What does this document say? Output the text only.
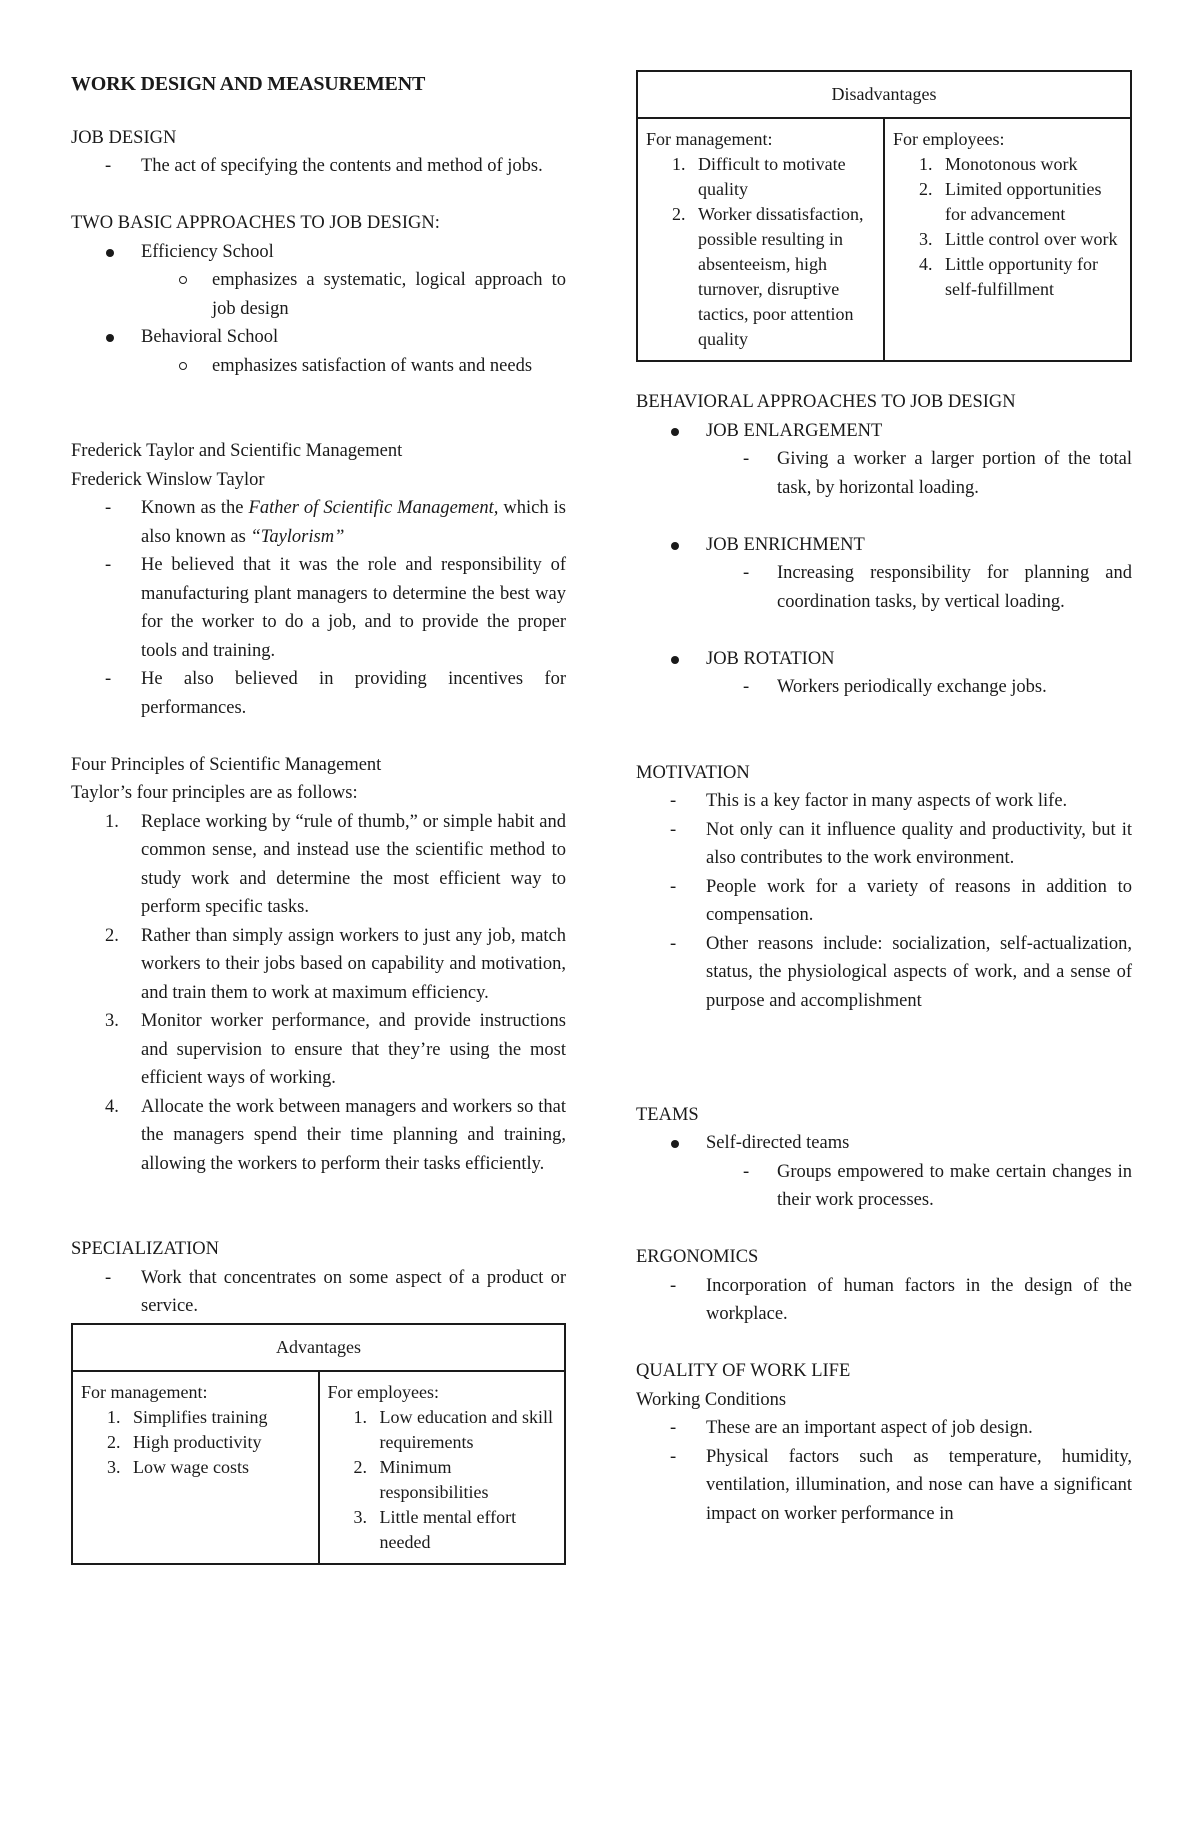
WORK DESIGN AND MEASUREMENT

JOB DESIGN

- The act of specifying the contents and method of jobs.

TWO BASIC APPROACHES TO JOB DESIGN:

Efficiency School
emphasizes a systematic, logical approach to job design
Behavioral School
emphasizes satisfaction of wants and needs

Frederick Taylor and Scientific Management

Frederick Winslow Taylor

- Known as the Father of Scientific Management, which is also known as “Taylorism”
- He believed that it was the role and responsibility of manufacturing plant managers to determine the best way for the worker to do a job, and to provide the proper tools and training.
- He also believed in providing incentives for performances.

Four Principles of Scientific Management

Taylor’s four principles are as follows:

1. Replace working by “rule of thumb,” or simple habit and common sense, and instead use the scientific method to study work and determine the most efficient way to perform specific tasks.
2. Rather than simply assign workers to just any job, match workers to their jobs based on capability and motivation, and train them to work at maximum efficiency.
3. Monitor worker performance, and provide instructions and supervision to ensure that they’re using the most efficient ways of working.
4. Allocate the work between managers and workers so that the managers spend their time planning and training, allowing the workers to perform their tasks efficiently.

SPECIALIZATION

- Work that concentrates on some aspect of a product or service.
Advantages

For management:

1. Simplifies training
2. High productivity
3. Low wage costs

For employees:

1. Low education and skill requirements
2. Minimum responsibilities
3. Little mental effort needed
Disadvantages

For management:

1. Difficult to motivate quality
2. Worker dissatisfaction, possible resulting in absenteeism, high turnover, disruptive tactics, poor attention quality

For employees:

1. Monotonous work
2. Limited opportunities for advancement
3. Little control over work
4. Little opportunity for self-fulfillment

BEHAVIORAL APPROACHES TO JOB DESIGN

JOB ENLARGEMENT
- Giving a worker a larger portion of the total task, by horizontal loading.
JOB ENRICHMENT
- Increasing responsibility for planning and coordination tasks, by vertical loading.
JOB ROTATION
- Workers periodically exchange jobs.

MOTIVATION

- This is a key factor in many aspects of work life.
- Not only can it influence quality and productivity, but it also contributes to the work environment.
- People work for a variety of reasons in addition to compensation.
- Other reasons include: socialization, self-actualization, status, the physiological aspects of work, and a sense of purpose and accomplishment

TEAMS

Self-directed teams
- Groups empowered to make certain changes in their work processes.

ERGONOMICS

- Incorporation of human factors in the design of the workplace.

QUALITY OF WORK LIFE

Working Conditions

- These are an important aspect of job design.
- Physical factors such as temperature, humidity, ventilation, illumination, and nose can have a significant impact on worker performance in
